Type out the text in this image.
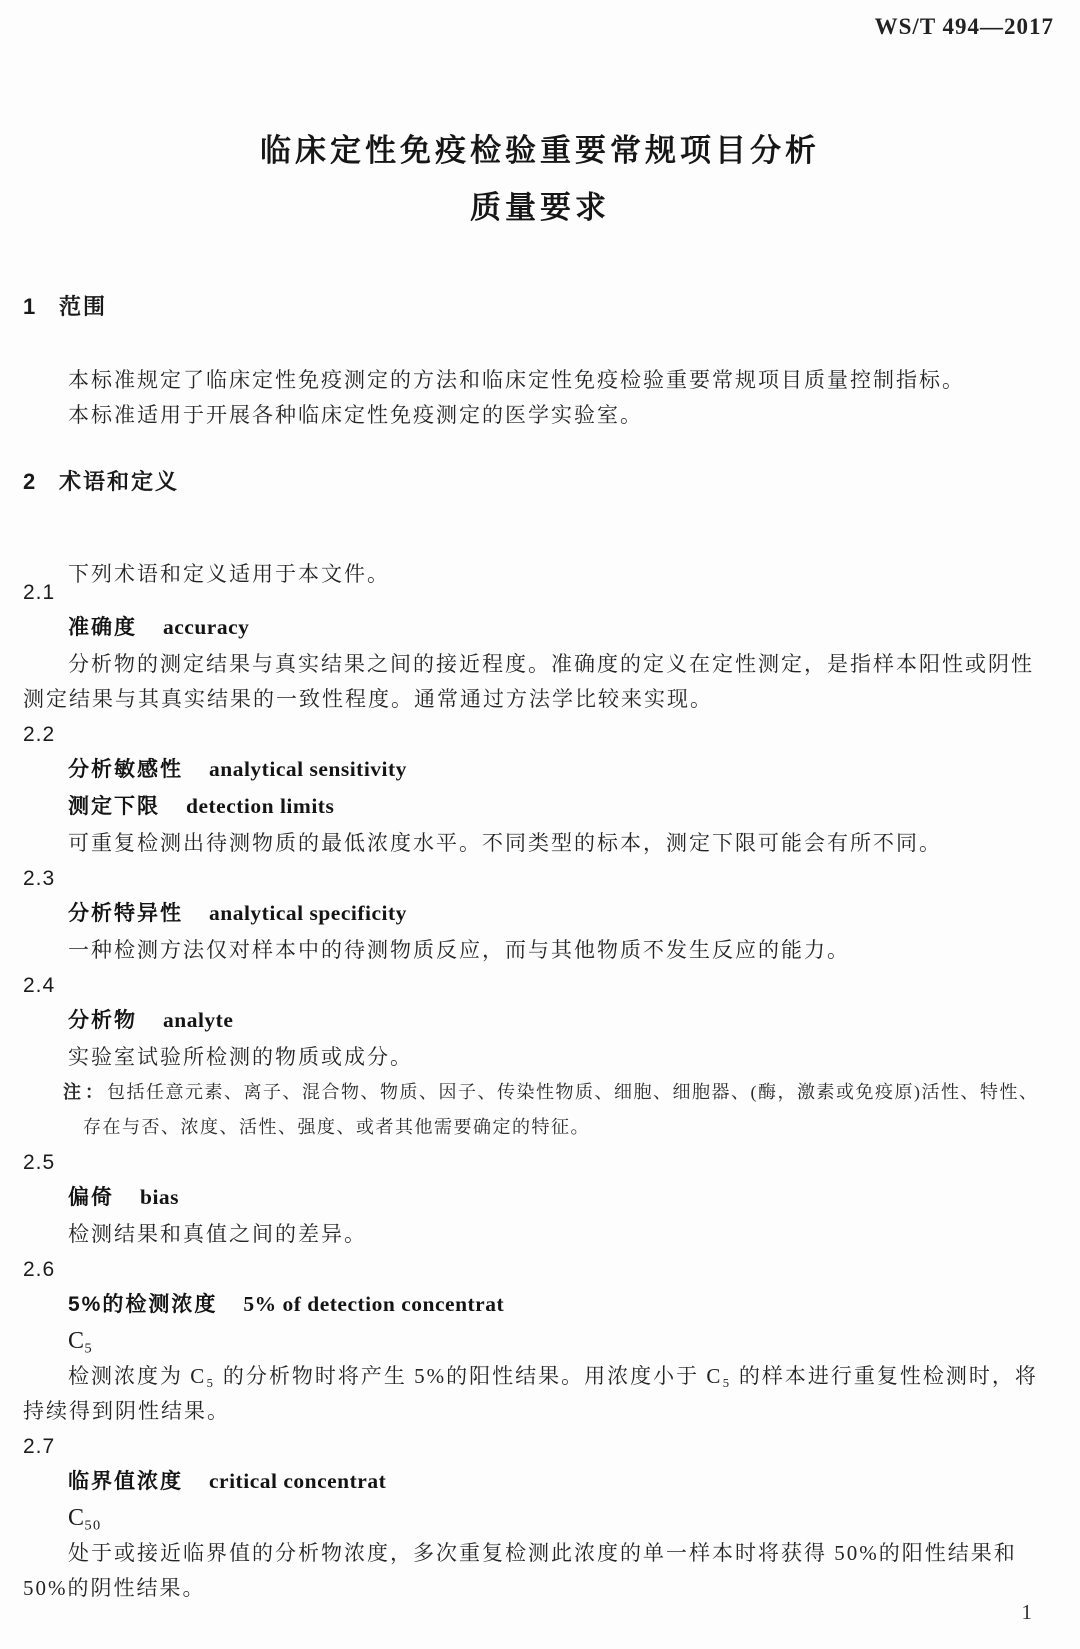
WS/T 494—2017
临床定性免疫检验重要常规项目分析
质量要求
1 范围

本标准规定了临床定性免疫测定的方法和临床定性免疫检验重要常规项目质量控制指标。

本标准适用于开展各种临床定性免疫测定的医学实验室。

2 术语和定义

下列术语和定义适用于本文件。

2.1
准确度 accuracy

分析物的测定结果与真实结果之间的接近程度。准确度的定义在定性测定，是指样本阳性或阴性测定结果与其真实结果的一致性程度。通常通过方法学比较来实现。

2.2
分析敏感性 analytical sensitivity
测定下限 detection limits

可重复检测出待测物质的最低浓度水平。不同类型的标本，测定下限可能会有所不同。

2.3
分析特异性 analytical specificity

一种检测方法仅对样本中的待测物质反应，而与其他物质不发生反应的能力。

2.4
分析物 analyte

实验室试验所检测的物质或成分。

注：包括任意元素、离子、混合物、物质、因子、传染性物质、细胞、细胞器、(酶，激素或免疫原)活性、特性、存在与否、浓度、活性、强度、或者其他需要确定的特征。
2.5
偏倚 bias

检测结果和真值之间的差异。

2.6
5%的检测浓度 5% of detection concentrat
C₅

检测浓度为 C₅ 的分析物时将产生 5%的阳性结果。用浓度小于 C₅ 的样本进行重复性检测时，将持续得到阴性结果。

2.7
临界值浓度 critical concentrat
C₅₀

处于或接近临界值的分析物浓度，多次重复检测此浓度的单一样本时将获得 50%的阳性结果和 50%的阴性结果。

1
